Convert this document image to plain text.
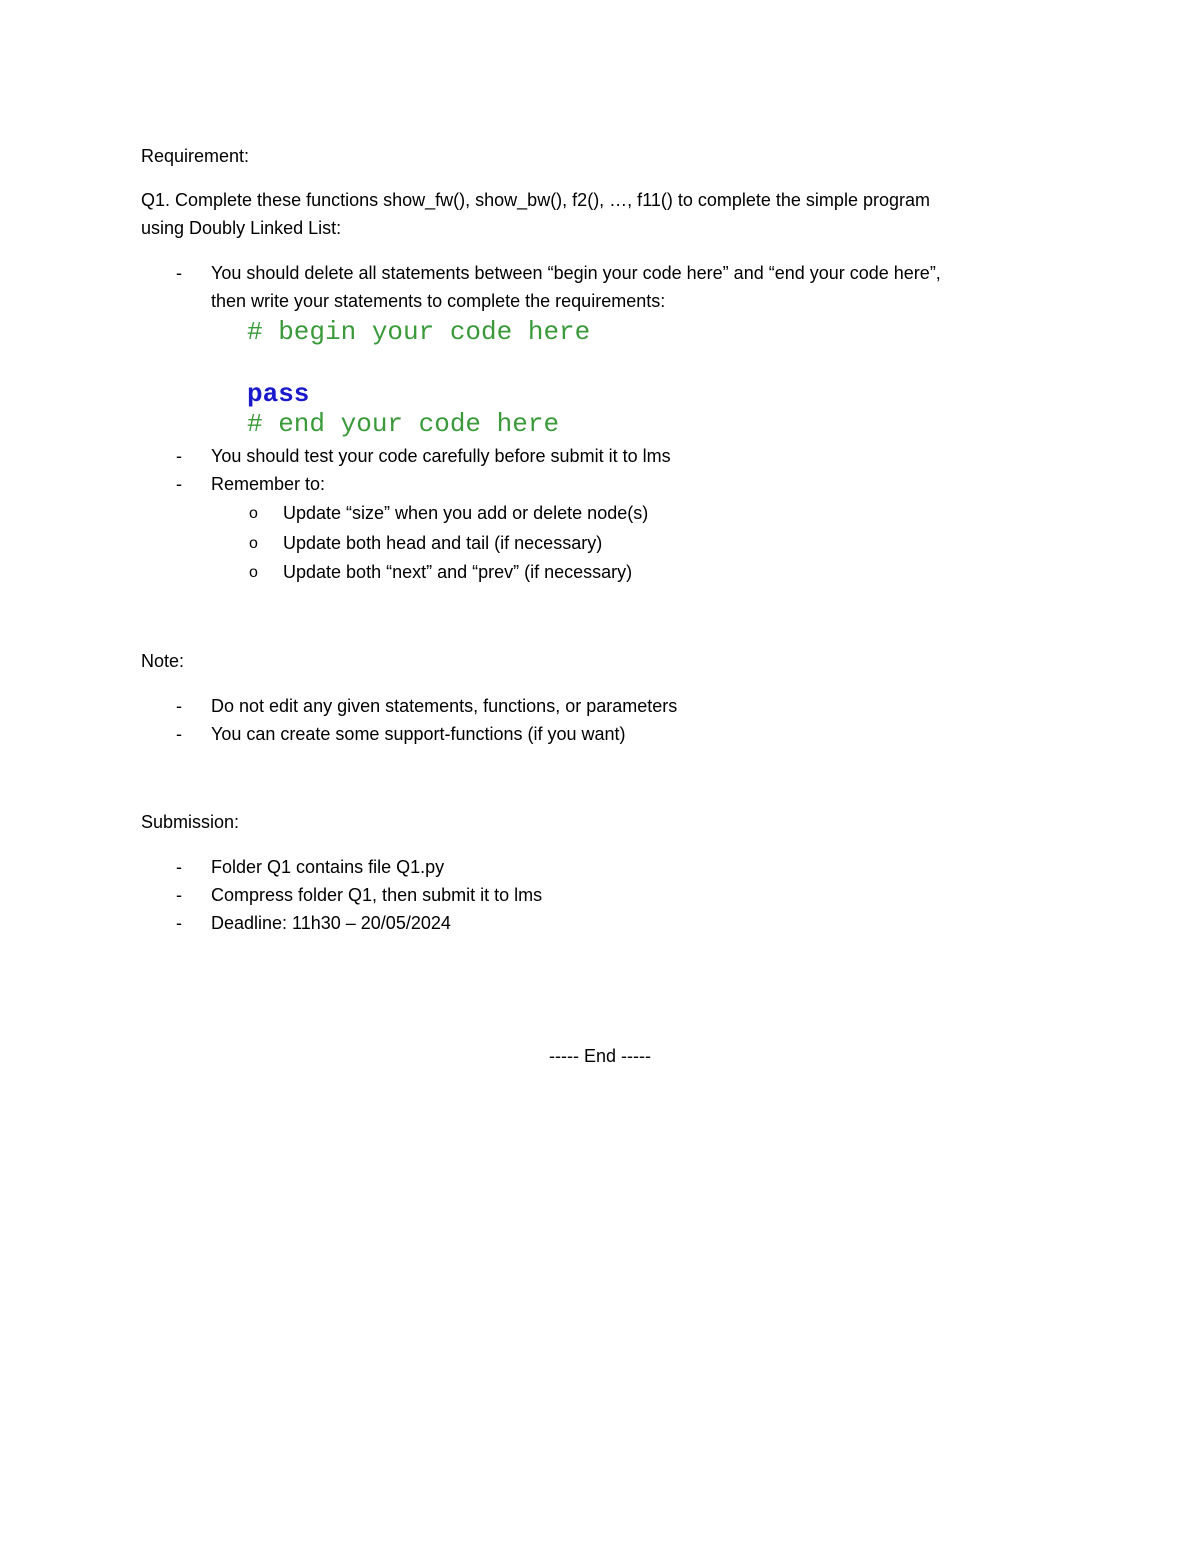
Requirement:
Q1. Complete these functions show_fw(), show_bw(), f2(), …, f11() to complete the simple program
using Doubly Linked List:
- You should delete all statements between “begin your code here” and “end your code here”,
then write your statements to complete the requirements:
# begin your code here
pass
# end your code here
- You should test your code carefully before submit it to lms
- Remember to:
o Update “size” when you add or delete node(s)
o Update both head and tail (if necessary)
o Update both “next” and “prev” (if necessary)
Note:
- Do not edit any given statements, functions, or parameters
- You can create some support-functions (if you want)
Submission:
- Folder Q1 contains file Q1.py
- Compress folder Q1, then submit it to lms
- Deadline: 11h30 – 20/05/2024
----- End -----
